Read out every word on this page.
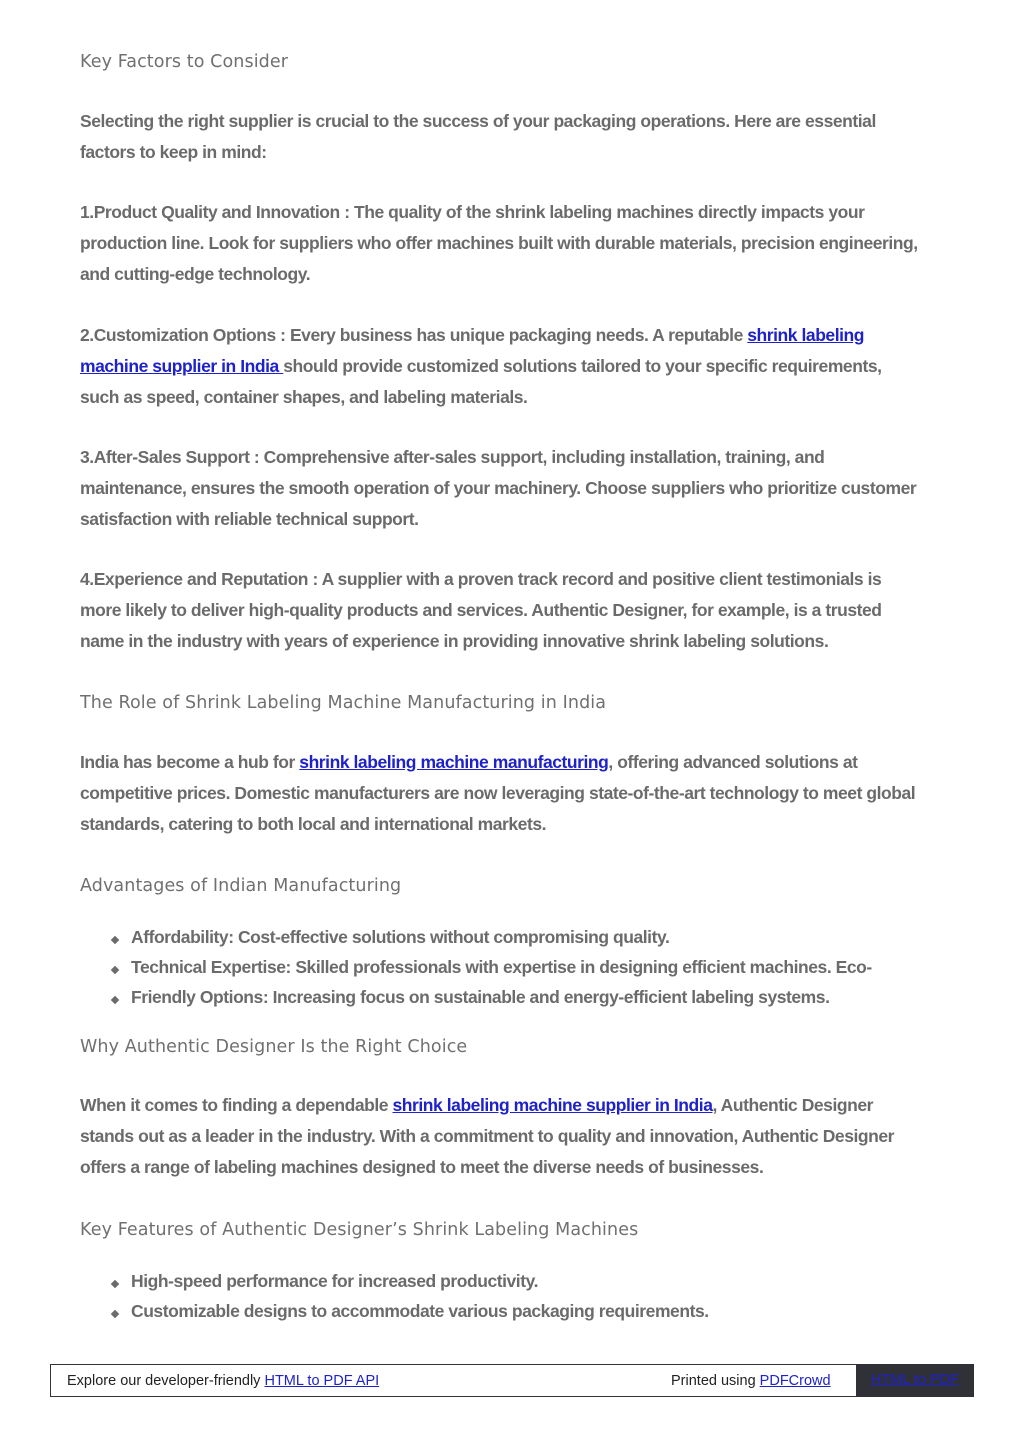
Key Factors to Consider

Selecting the right supplier is crucial to the success of your packaging operations. Here are essential factors to keep in mind:

1.Product Quality and Innovation : The quality of the shrink labeling machines directly impacts your production line. Look for suppliers who offer machines built with durable materials, precision engineering, and cutting-edge technology.

2.Customization Options : Every business has unique packaging needs. A reputable shrink labeling machine supplier in India should provide customized solutions tailored to your specific requirements, such as speed, container shapes, and labeling materials.

3.After-Sales Support : Comprehensive after-sales support, including installation, training, and maintenance, ensures the smooth operation of your machinery. Choose suppliers who prioritize customer satisfaction with reliable technical support.

4.Experience and Reputation : A supplier with a proven track record and positive client testimonials is more likely to deliver high-quality products and services. Authentic Designer, for example, is a trusted name in the industry with years of experience in providing innovative shrink labeling solutions.

The Role of Shrink Labeling Machine Manufacturing in India

India has become a hub for shrink labeling machine manufacturing, offering advanced solutions at competitive prices. Domestic manufacturers are now leveraging state-of-the-art technology to meet global standards, catering to both local and international markets.

Advantages of Indian Manufacturing
Affordability: Cost-effective solutions without compromising quality.
Technical Expertise: Skilled professionals with expertise in designing efficient machines. Eco-
Friendly Options: Increasing focus on sustainable and energy-efficient labeling systems.
Why Authentic Designer Is the Right Choice

When it comes to finding a dependable shrink labeling machine supplier in India, Authentic Designer stands out as a leader in the industry. With a commitment to quality and innovation, Authentic Designer offers a range of labeling machines designed to meet the diverse needs of businesses.

Key Features of Authentic Designer’s Shrink Labeling Machines
High-speed performance for increased productivity.
Customizable designs to accommodate various packaging requirements.
Explore our developer-friendly HTML to PDF API	Printed using PDFCrowd	HTML to PDF
